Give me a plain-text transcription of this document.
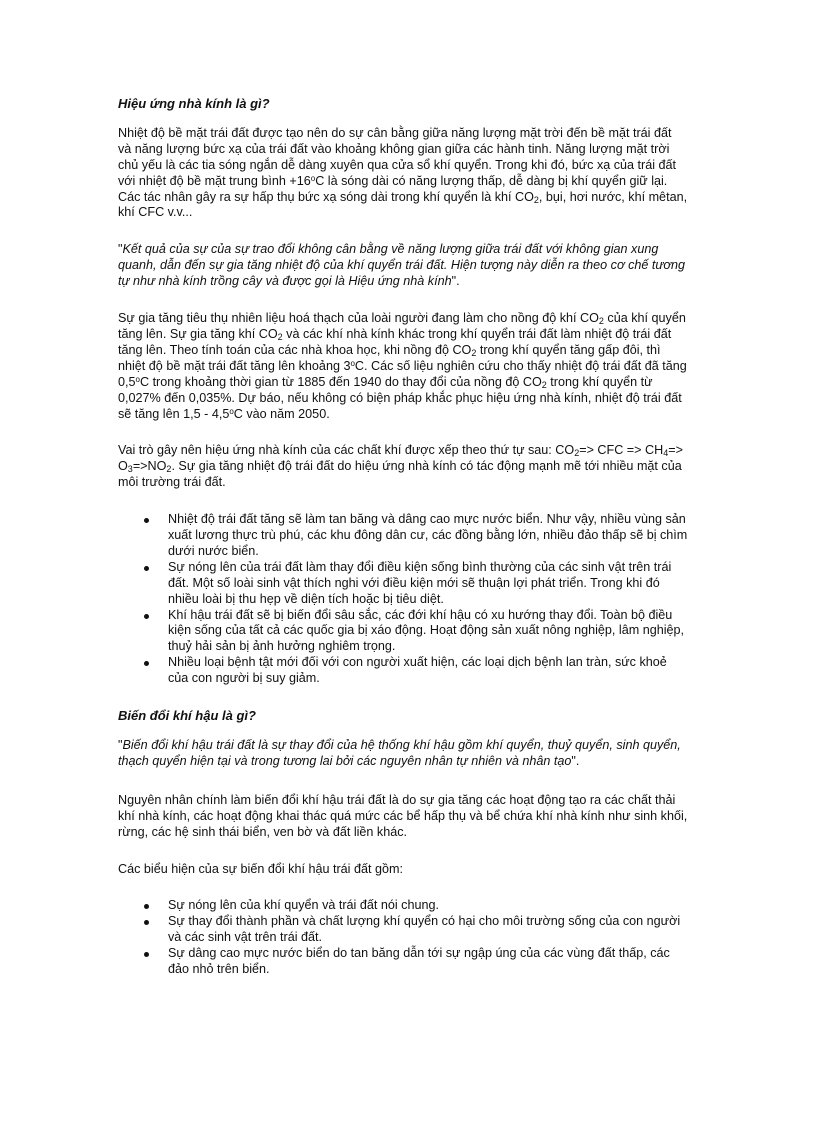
Hiệu ứng nhà kính là gì?

Nhiệt độ bề mặt trái đất được tạo nên do sự cân bằng giữa năng lượng mặt trời đến bề mặt trái đất và năng lượng bức xạ của trái đất vào khoảng không gian giữa các hành tinh. Năng lượng mặt trời chủ yếu là các tia sóng ngắn dễ dàng xuyên qua cửa sổ khí quyển. Trong khi đó, bức xạ của trái đất với nhiệt độ bề mặt trung bình $+16^oC$ là sóng dài có năng lượng thấp, dễ dàng bị khí quyển giữ lại. Các tác nhân gây ra sự hấp thụ bức xạ sóng dài trong khí quyển là khí $CO_2$, bụi, hơi nước, khí mêtan, khí CFC v.v...

"Kết quả của sự của sự trao đổi không cân bằng về năng lượng giữa trái đất với không gian xung quanh, dẫn đến sự gia tăng nhiệt độ của khí quyển trái đất. Hiện tượng này diễn ra theo cơ chế tương tự như nhà kính trồng cây và được gọi là Hiệu ứng nhà kính".

Sự gia tăng tiêu thụ nhiên liệu hoá thạch của loài người đang làm cho nồng độ khí $CO_2$ của khí quyển tăng lên. Sự gia tăng khí $CO_2$ và các khí nhà kính khác trong khí quyển trái đất làm nhiệt độ trái đất tăng lên. Theo tính toán của các nhà khoa học, khi nồng độ $CO_2$ trong khí quyển tăng gấp đôi, thì nhiệt độ bề mặt trái đất tăng lên khoảng 3$^o$C. Các số liệu nghiên cứu cho thấy nhiệt độ trái đất đã tăng 0,5$^o$C trong khoảng thời gian từ 1885 đến 1940 do thay đổi của nồng độ $CO_2$ trong khí quyển từ 0,027% đến 0,035%. Dự báo, nếu không có biện pháp khắc phục hiệu ứng nhà kính, nhiệt độ trái đất sẽ tăng lên 1,5 - 4,5$^o$C vào năm 2050.

Vai trò gây nên hiệu ứng nhà kính của các chất khí được xếp theo thứ tự sau: $CO_2=>$ CFC => $CH_4=> O_3=>NO_2$. Sự gia tăng nhiệt độ trái đất do hiệu ứng nhà kính có tác động mạnh mẽ tới nhiều mặt của môi trường trái đất.

Nhiệt độ trái đất tăng sẽ làm tan băng và dâng cao mực nước biển. Như vậy, nhiều vùng sản xuất lương thực trù phú, các khu đông dân cư, các đồng bằng lớn, nhiều đảo thấp sẽ bị chìm dưới nước biển.
Sự nóng lên của trái đất làm thay đổi điều kiện sống bình thường của các sinh vật trên trái đất. Một số loài sinh vật thích nghi với điều kiện mới sẽ thuận lợi phát triển. Trong khi đó nhiều loài bị thu hẹp về diện tích hoặc bị tiêu diệt.
Khí hậu trái đất sẽ bị biến đổi sâu sắc, các đới khí hậu có xu hướng thay đổi. Toàn bộ điều kiện sống của tất cả các quốc gia bị xáo động. Hoạt động sản xuất nông nghiệp, lâm nghiệp, thuỷ hải sản bị ảnh hưởng nghiêm trọng.
Nhiều loại bệnh tật mới đối với con người xuất hiện, các loại dịch bệnh lan tràn, sức khoẻ của con người bị suy giảm.

Biến đổi khí hậu là gì?

"Biến đổi khí hậu trái đất là sự thay đổi của hệ thống khí hậu gồm khí quyển, thuỷ quyển, sinh quyển, thạch quyển hiện tại và trong tương lai bởi các nguyên nhân tự nhiên và nhân tạo".

Nguyên nhân chính làm biến đổi khí hậu trái đất là do sự gia tăng các hoạt động tạo ra các chất thải khí nhà kính, các hoạt động khai thác quá mức các bể hấp thụ và bể chứa khí nhà kính như sinh khối, rừng, các hệ sinh thái biển, ven bờ và đất liền khác.

Các biểu hiện của sự biến đổi khí hậu trái đất gồm:

Sự nóng lên của khí quyển và trái đất nói chung.
Sự thay đổi thành phần và chất lượng khí quyển có hại cho môi trường sống của con người và các sinh vật trên trái đất.
Sự dâng cao mực nước biển do tan băng dẫn tới sự ngập úng của các vùng đất thấp, các đảo nhỏ trên biển.
